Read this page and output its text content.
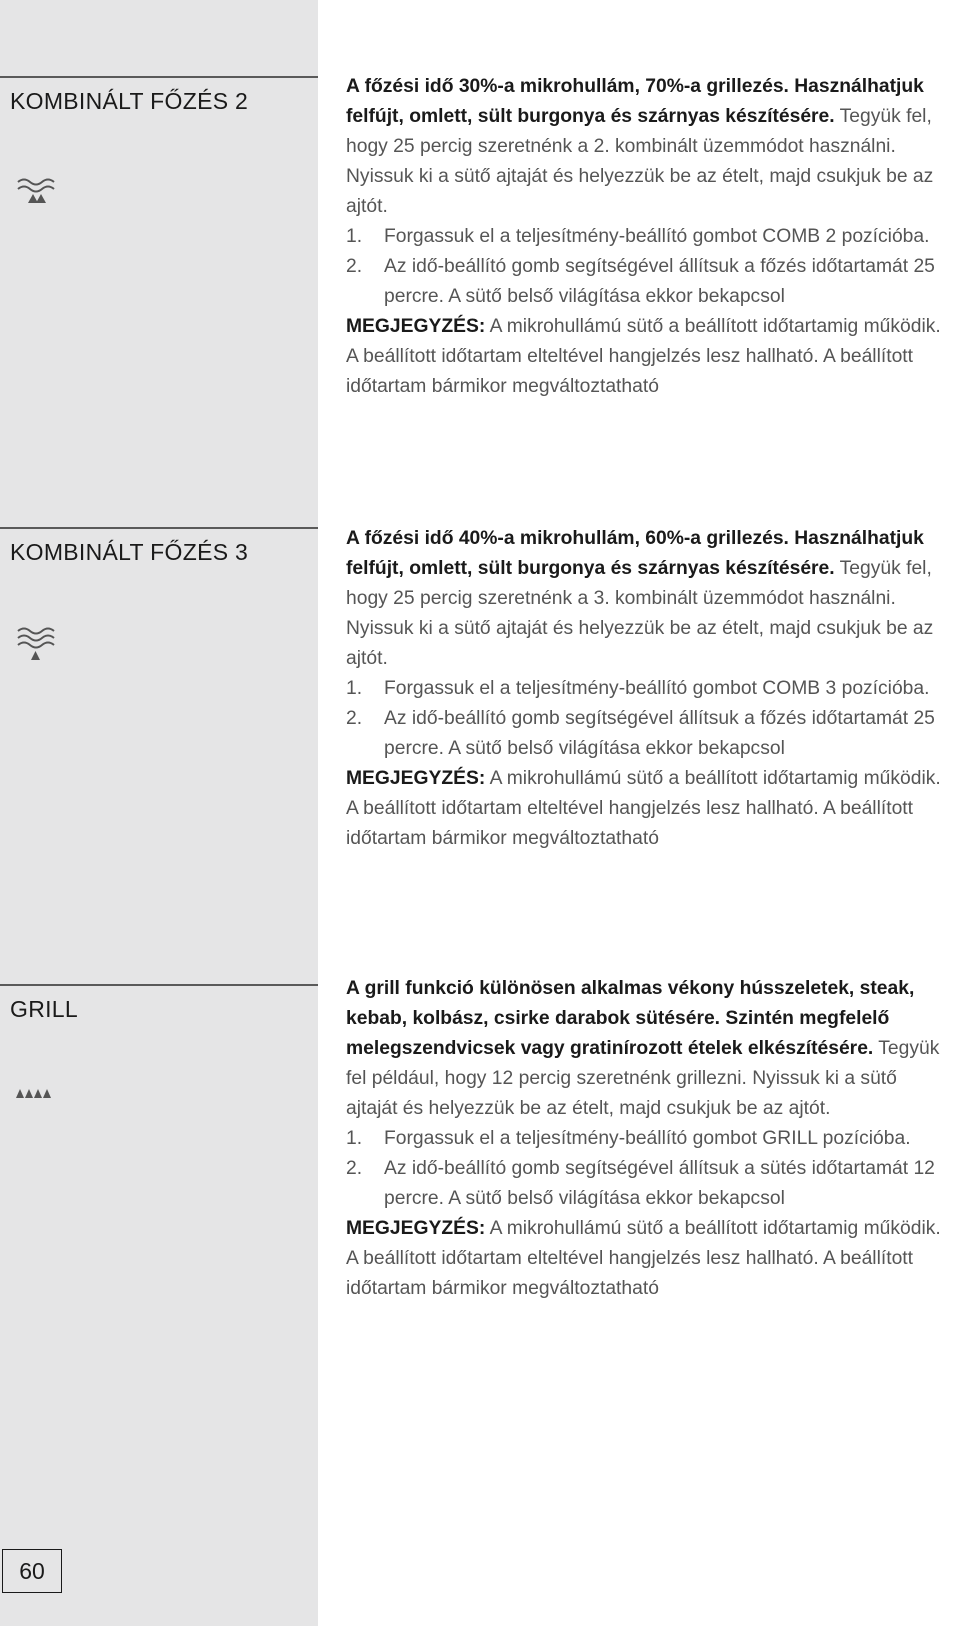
KOMBINÁLT FŐZÉS 2

A főzési idő 30%-a mikrohullám, 70%-a grillezés. Használhatjuk felfújt, omlett, sült burgonya és szárnyas készítésére. Tegyük fel, hogy 25 percig szeretnénk a 2. kombinált üzemmódot használni. Nyissuk ki a sütő ajtaját és helyezzük be az ételt, majd csukjuk be az ajtót.

1. Forgassuk el a teljesítmény-beállító gombot COMB 2 pozícióba.
2. Az idő-beállító gomb segítségével állítsuk a főzés időtartamát 25 percre. A sütő belső világítása ekkor bekapcsol

MEGJEGYZÉS: A mikrohullámú sütő a beállított időtartamig működik. A beállított időtartam elteltével hangjelzés lesz hallható. A beállított időtartam bármikor megváltoztatható

KOMBINÁLT FŐZÉS 3

A főzési idő 40%-a mikrohullám, 60%-a grillezés. Használhatjuk felfújt, omlett, sült burgonya és szárnyas készítésére. Tegyük fel, hogy 25 percig szeretnénk a 3. kombinált üzemmódot használni. Nyissuk ki a sütő ajtaját és helyezzük be az ételt, majd csukjuk be az ajtót.

1. Forgassuk el a teljesítmény-beállító gombot COMB 3 pozícióba.
2. Az idő-beállító gomb segítségével állítsuk a főzés időtartamát 25 percre. A sütő belső világítása ekkor bekapcsol

MEGJEGYZÉS: A mikrohullámú sütő a beállított időtartamig működik. A beállított időtartam elteltével hangjelzés lesz hallható. A beállított időtartam bármikor megváltoztatható

GRILL

A grill funkció különösen alkalmas vékony hússzeletek, steak, kebab, kolbász, csirke darabok sütésére. Szintén megfelelő melegszendvicsek vagy gratinírozott ételek elkészítésére. Tegyük fel például, hogy 12 percig szeretnénk grillezni. Nyissuk ki a sütő ajtaját és helyezzük be az ételt, majd csukjuk be az ajtót.

1. Forgassuk el a teljesítmény-beállító gombot GRILL pozícióba.
2. Az idő-beállító gomb segítségével állítsuk a sütés időtartamát 12 percre. A sütő belső világítása ekkor bekapcsol

MEGJEGYZÉS: A mikrohullámú sütő a beállított időtartamig működik. A beállított időtartam elteltével hangjelzés lesz hallható. A beállított időtartam bármikor megváltoztatható

60
